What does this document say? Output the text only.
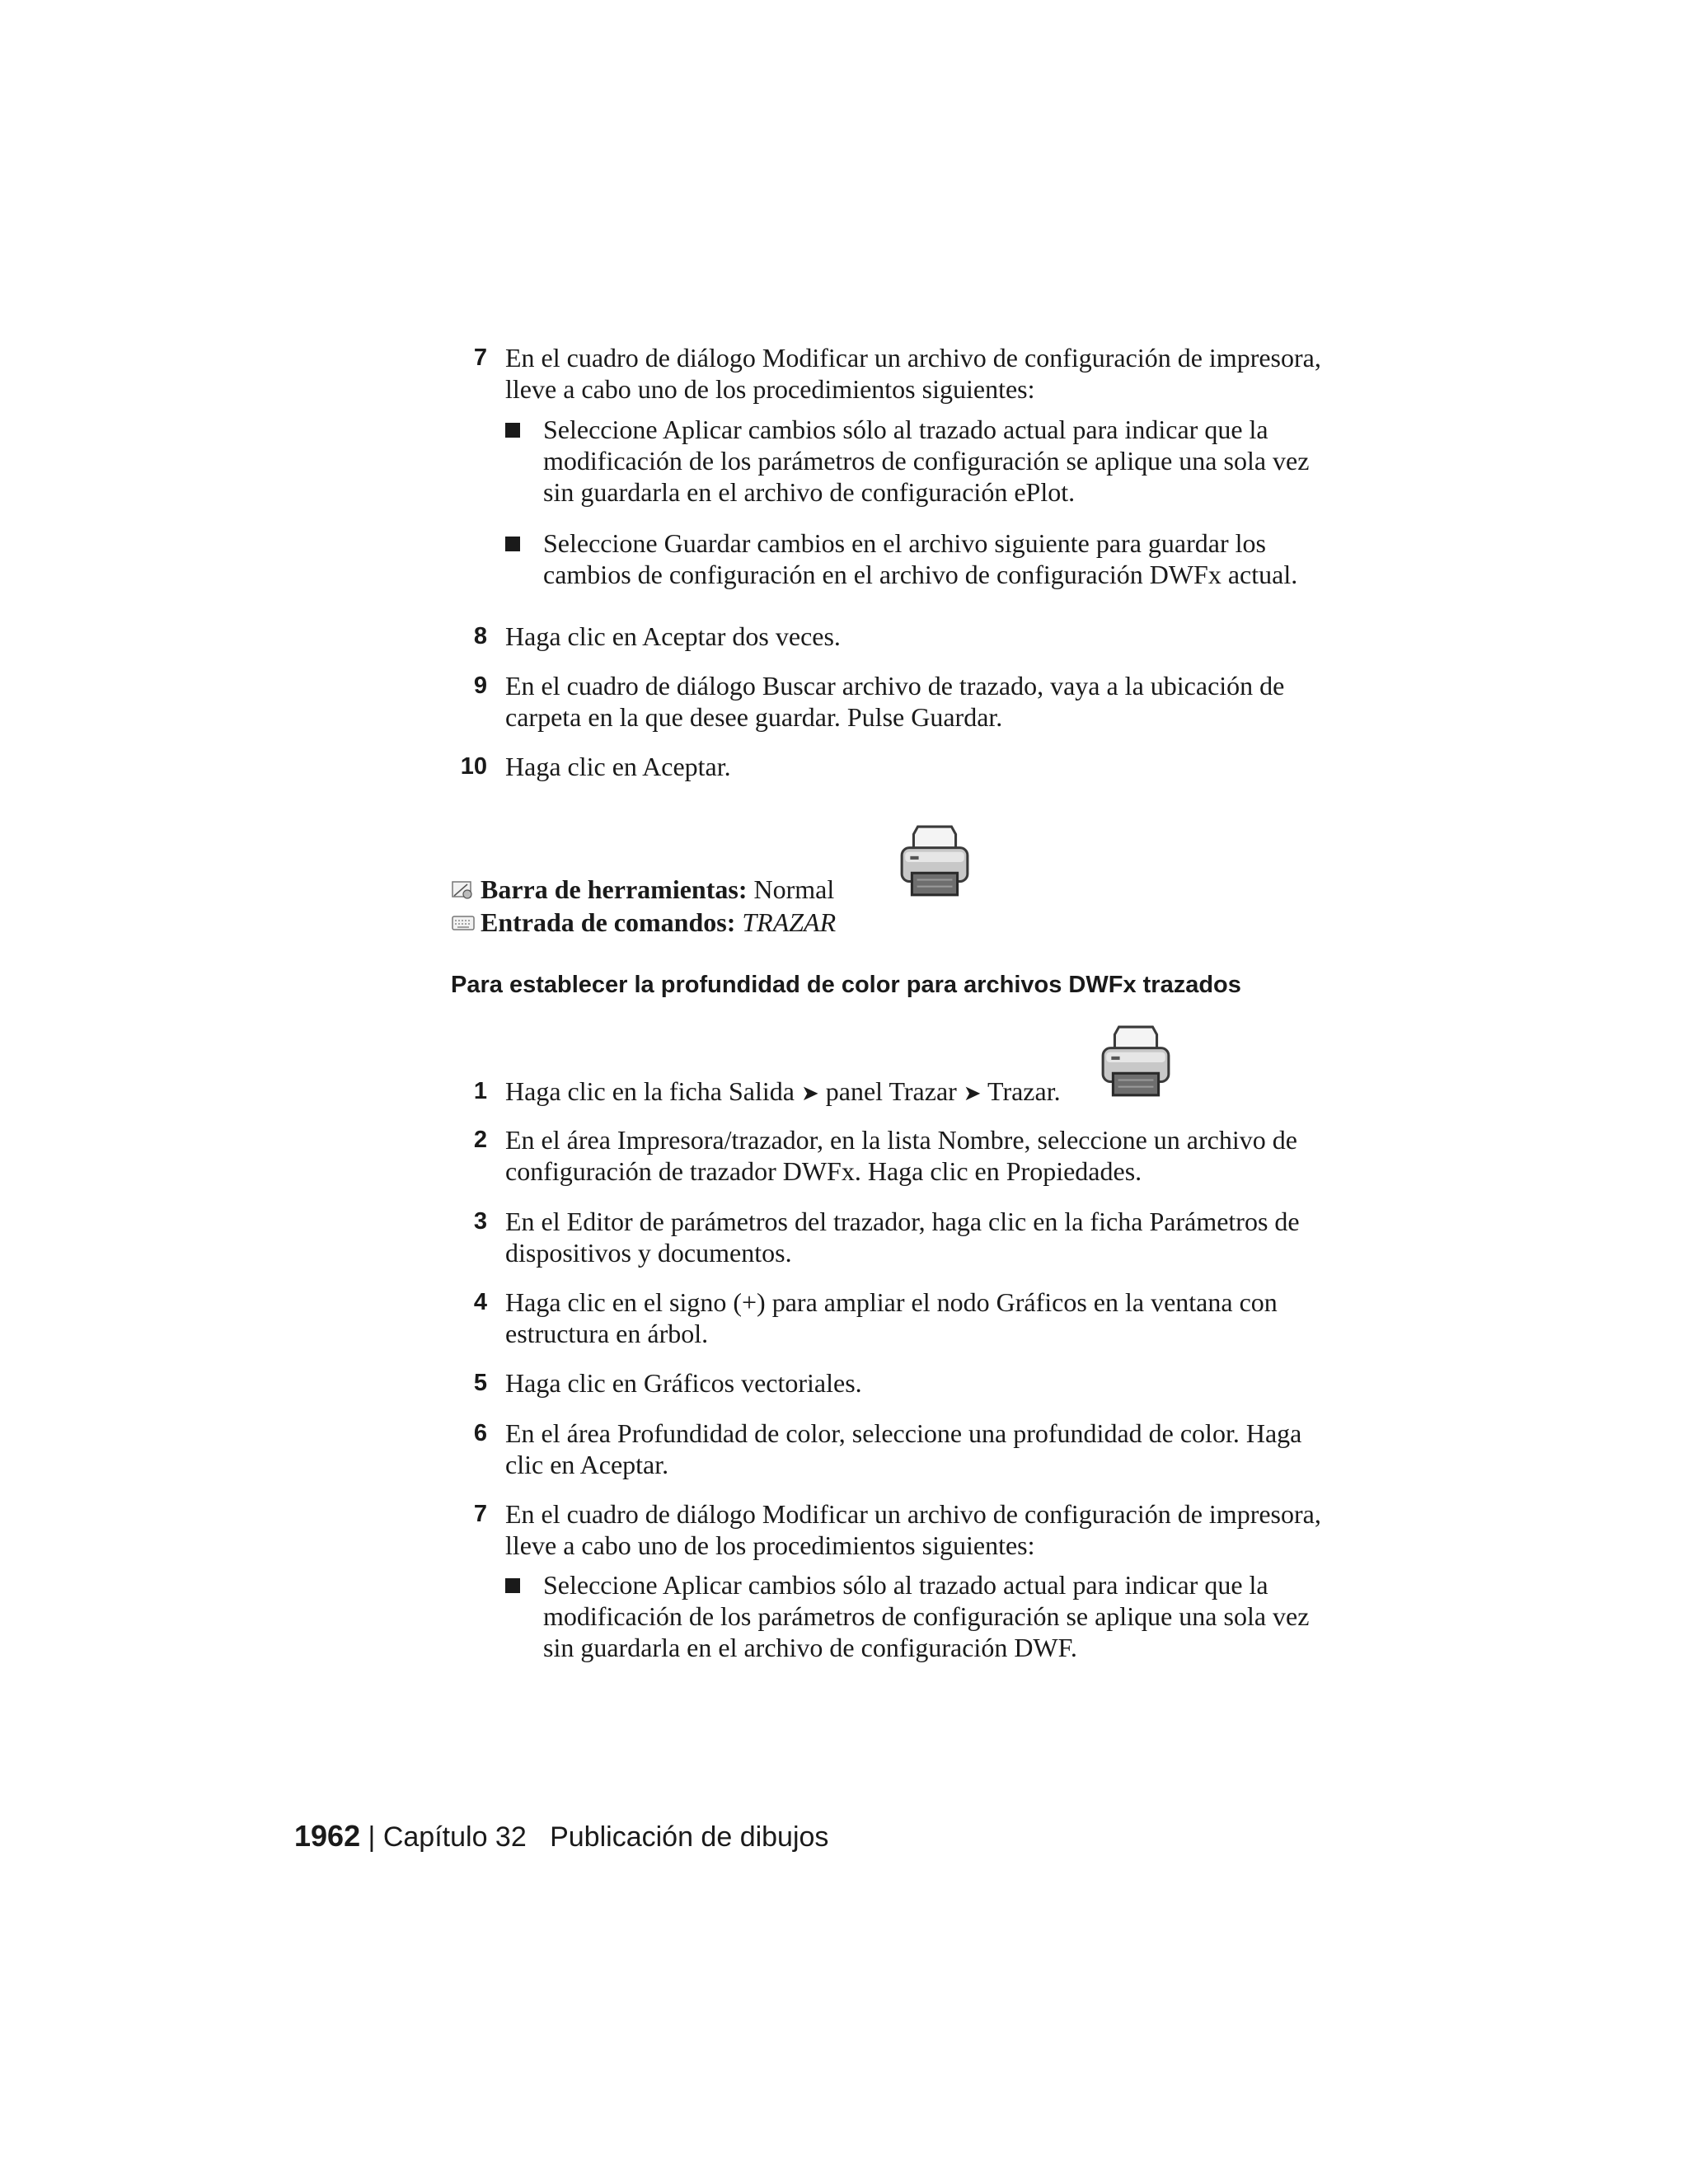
7 En el cuadro de diálogo Modificar un archivo de configuración de impresora, lleve a cabo uno de los procedimientos siguientes:
Seleccione Aplicar cambios sólo al trazado actual para indicar que la modificación de los parámetros de configuración se aplique una sola vez sin guardarla en el archivo de configuración ePlot.
Seleccione Guardar cambios en el archivo siguiente para guardar los cambios de configuración en el archivo de configuración DWFx actual.
8 Haga clic en Aceptar dos veces.
9 En el cuadro de diálogo Buscar archivo de trazado, vaya a la ubicación de carpeta en la que desee guardar. Pulse Guardar.
10 Haga clic en Aceptar.
Barra de herramientas: Normal
Entrada de comandos: TRAZAR
Para establecer la profundidad de color para archivos DWFx trazados
1 Haga clic en la ficha Salida ➤ panel Trazar ➤ Trazar.
2 En el área Impresora/trazador, en la lista Nombre, seleccione un archivo de configuración de trazador DWFx. Haga clic en Propiedades.
3 En el Editor de parámetros del trazador, haga clic en la ficha Parámetros de dispositivos y documentos.
4 Haga clic en el signo (+) para ampliar el nodo Gráficos en la ventana con estructura en árbol.
5 Haga clic en Gráficos vectoriales.
6 En el área Profundidad de color, seleccione una profundidad de color. Haga clic en Aceptar.
7 En el cuadro de diálogo Modificar un archivo de configuración de impresora, lleve a cabo uno de los procedimientos siguientes:
Seleccione Aplicar cambios sólo al trazado actual para indicar que la modificación de los parámetros de configuración se aplique una sola vez sin guardarla en el archivo de configuración DWF.
1962 | Capítulo 32 Publicación de dibujos
